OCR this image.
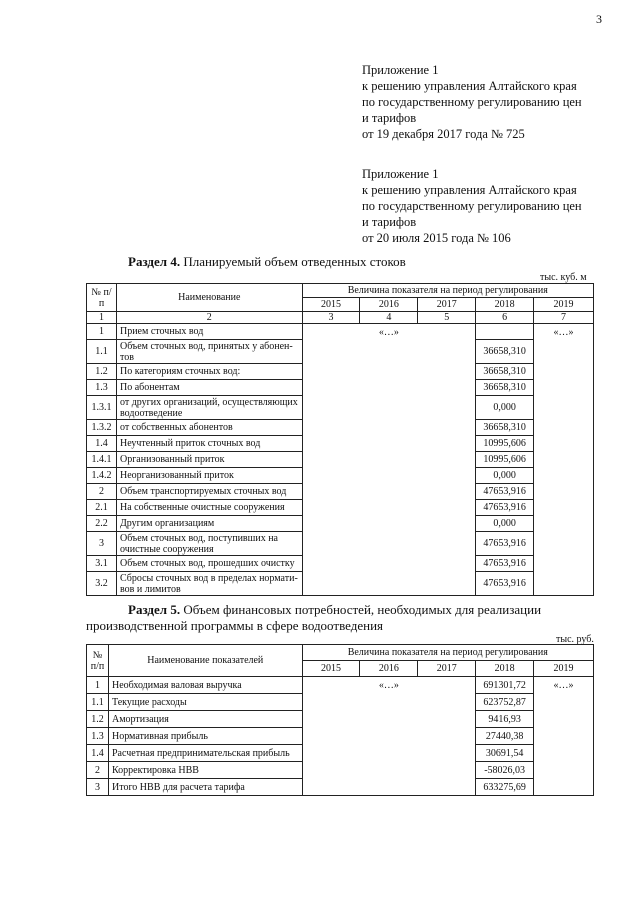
3
Приложение 1
к решению управления Алтайского края
по государственному регулированию цен
и тарифов
от 19 декабря 2017 года № 725
Приложение 1
к решению управления Алтайского края
по государственному регулированию цен
и тарифов
от 20 июля 2015 года № 106
Раздел 4. Планируемый объем отведенных стоков
тыс. куб. м
№ п/п	Наименование	Величина показателя на период регулирования				
		2015	2016	2017	2018	2019
1	2	3	4	5	6	7
1	Прием сточных вод	«…»				«…»
1.1	Объем сточных вод, принятых у абонен-тов				36658,310	
1.2	По категориям сточных вод:				36658,310	
1.3	По абонентам				36658,310	
1.3.1	от других организаций, осуществляющих водоотведение				0,000	
1.3.2	от собственных абонентов				36658,310	
1.4	Неучтенный приток сточных вод				10995,606	
1.4.1	Организованный приток				10995,606	
1.4.2	Неорганизованный приток				0,000	
2	Объем транспортируемых сточных вод				47653,916	
2.1	На собственные очистные сооружения				47653,916	
2.2	Другим организациям				0,000	
3	Объем сточных вод, поступивших на очистные сооружения				47653,916	
3.1	Объем сточных вод, прошедших очистку				47653,916	
3.2	Сбросы сточных вод в пределах нормати-вов и лимитов				47653,916	
Раздел 5. Объем финансовых потребностей, необходимых для реализации производственной программы в сфере водоотведения
тыс. руб.
№ п/п	Наименование показателей	Величина показателя на период регулирования				
		2015	2016	2017	2018	2019
1	Необходимая валовая выручка	«…»			691301,72	«…»
1.1	Текущие расходы				623752,87	
1.2	Амортизация				9416,93	
1.3	Нормативная прибыль				27440,38	
1.4	Расчетная предпринимательская прибыль				30691,54	
2	Корректировка НВВ				-58026,03	
3	Итого НВВ для расчета тарифа				633275,69	
